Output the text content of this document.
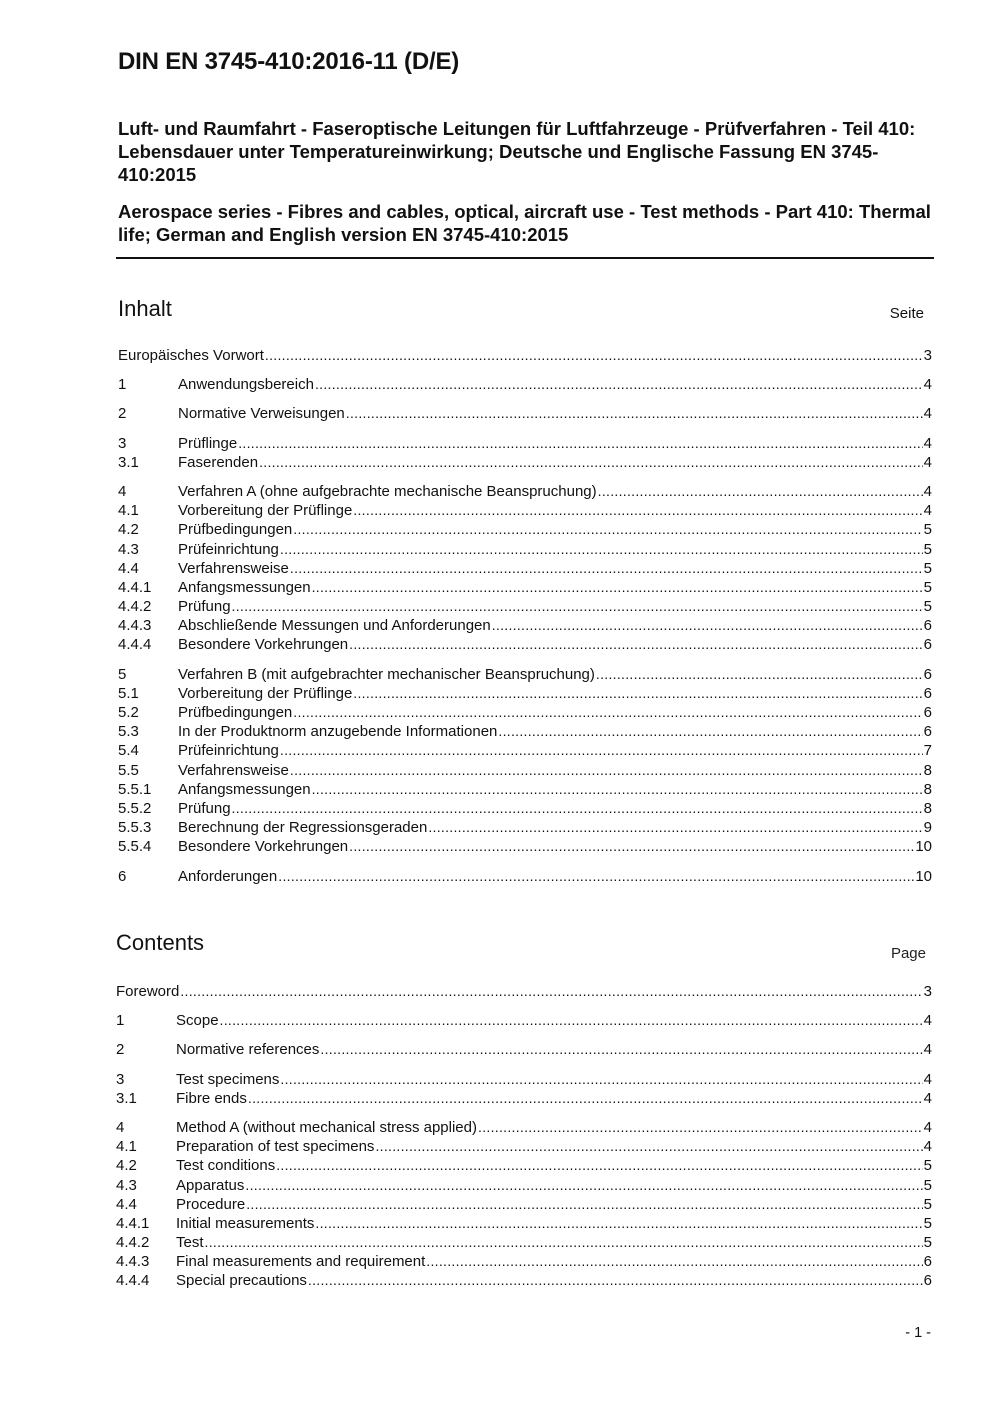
DIN EN 3745-410:2016-11 (D/E)

Luft- und Raumfahrt - Faseroptische Leitungen für Luftfahrzeuge - Prüfverfahren - Teil 410: Lebensdauer unter Temperatureinwirkung; Deutsche und Englische Fassung EN 3745-410:2015

Aerospace series - Fibres and cables, optical, aircraft use - Test methods - Part 410: Thermal life; German and English version EN 3745-410:2015

Inhalt	Seite
Europäisches Vorwort .....	3
1	Anwendungsbereich .....	4
2	Normative Verweisungen .....	4
3	Prüflinge .....	4
3.1	Faserenden .....	4
4	Verfahren A (ohne aufgebrachte mechanische Beanspruchung) .....	4
4.1	Vorbereitung der Prüflinge .....	4
4.2	Prüfbedingungen .....	5
4.3	Prüfeinrichtung .....	5
4.4	Verfahrensweise .....	5
4.4.1	Anfangsmessungen .....	5
4.4.2	Prüfung .....	5
4.4.3	Abschließende Messungen und Anforderungen .....	6
4.4.4	Besondere Vorkehrungen .....	6
5	Verfahren B (mit aufgebrachter mechanischer Beanspruchung) .....	6
5.1	Vorbereitung der Prüflinge .....	6
5.2	Prüfbedingungen .....	6
5.3	In der Produktnorm anzugebende Informationen .....	6
5.4	Prüfeinrichtung .....	7
5.5	Verfahrensweise .....	8
5.5.1	Anfangsmessungen .....	8
5.5.2	Prüfung .....	8
5.5.3	Berechnung der Regressionsgeraden .....	9
5.5.4	Besondere Vorkehrungen .....	10
6	Anforderungen .....	10
Contents	Page
Foreword .....	3
1	Scope .....	4
2	Normative references .....	4
3	Test specimens .....	4
3.1	Fibre ends .....	4
4	Method A (without mechanical stress applied) .....	4
4.1	Preparation of test specimens .....	4
4.2	Test conditions .....	5
4.3	Apparatus .....	5
4.4	Procedure .....	5
4.4.1	Initial measurements .....	5
4.4.2	Test .....	5
4.4.3	Final measurements and requirement .....	6
4.4.4	Special precautions .....	6
- 1 -
